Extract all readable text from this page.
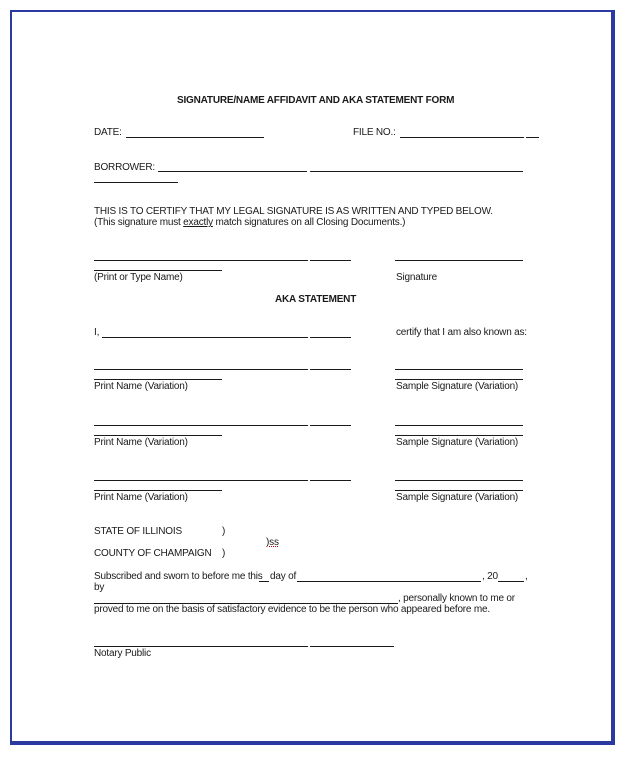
SIGNATURE/NAME AFFIDAVIT AND AKA STATEMENT FORM
DATE:	FILE NO.:
BORROWER:
THIS IS TO CERTIFY THAT MY LEGAL SIGNATURE IS AS WRITTEN AND TYPED BELOW.
(This signature must exactly match signatures on all Closing Documents.)
(Print or Type Name)	Signature
AKA STATEMENT
I,	certify that I am also known as:
Print Name (Variation)	Sample Signature (Variation)
Print Name (Variation)	Sample Signature (Variation)
Print Name (Variation)	Sample Signature (Variation)
STATE OF ILLINOIS	)
)ss
COUNTY OF CHAMPAIGN )
Subscribed and sworn to before me this day of	, 20	,
by
, personally known to me or
proved to me on the basis of satisfactory evidence to be the person who appeared before me.
Notary Public
